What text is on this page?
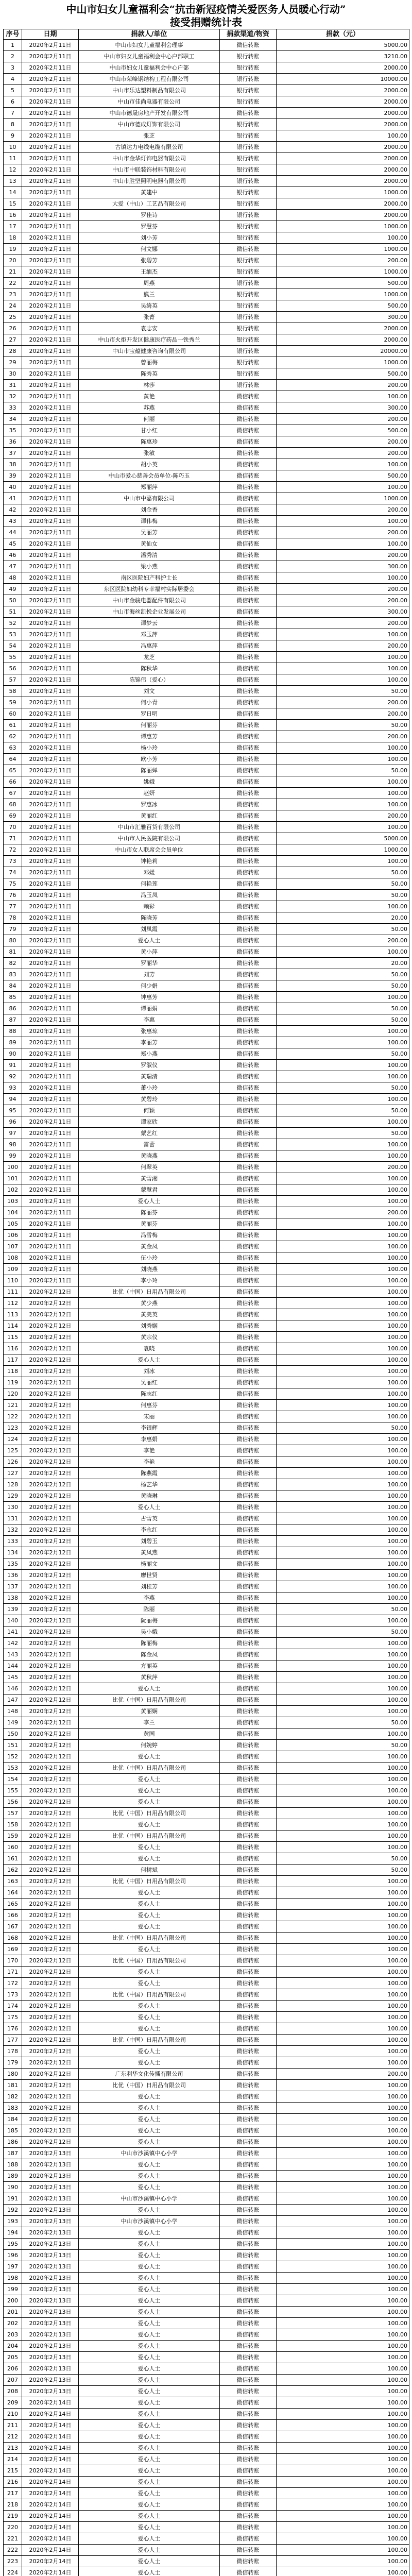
中山市妇女儿童福利会“抗击新冠疫情关爱医务人员暖心行动”
接受捐赠统计表
序号	日期	捐款人/单位	捐款渠道/物资	捐款（元）
1	2020年2月11日	中山市妇女儿童福利会理事	微信转账	5000.00
2	2020年2月11日	中山市妇女儿童福利会中心户部职工	银行转账	3210.00
3	2020年2月11日	中山市妇女儿童福利会中心户部	银行转账	2000.00
4	2020年2月11日	中山市荣峰钢结构工程有限公司	银行转账	10000.00
5	2020年2月11日	中山市乐达塑料制品有限公司	银行转账	2000.00
6	2020年2月11日	中山市佳尚电器有限公司	银行转账	2000.00
7	2020年2月11日	中山市德晟房地产开发有限公司	微信转账	2000.00
8	2020年2月11日	中山市德成灯饰有限公司	银行转账	2000.00
9	2020年2月11日	张芝	银行转账	100.00
10	2020年2月11日	古镇达力电线电缆有限公司	银行转账	2000.00
11	2020年2月11日	中山市金华灯饰电器有限公司	银行转账	2000.00
12	2020年2月11日	中山市中联装饰材料有限公司	银行转账	2000.00
13	2020年2月11日	中山市胜坚照明电器有限公司	银行转账	2000.00
14	2020年2月11日	黄建中	银行转账	1000.00
15	2020年2月11日	大爱（中山）工艺品有限公司	银行转账	2000.00
16	2020年2月11日	罗佳诗	银行转账	2000.00
17	2020年2月11日	罗慧芬	银行转账	1000.00
18	2020年2月11日	刘小芳	银行转账	100.00
19	2020年2月11日	何文娜	微信转账	1000.00
20	2020年2月11日	张碧芳	银行转账	200.00
21	2020年2月11日	王缅杰	银行转账	1000.00
22	2020年2月11日	周燕	银行转账	500.00
23	2020年2月11日	熊兰	银行转账	1000.00
24	2020年2月11日	吴绮英	银行转账	500.00
25	2020年2月11日	张菁	银行转账	300.00
26	2020年2月11日	袁志安	银行转账	2000.00
27	2020年2月11日	中山市火炬开发区健康医疗药品一铁秀兰	银行转账	2000.00
28	2020年2月11日	中山市宝蕴健康咨询有限公司	银行转账	20000.00
29	2020年2月11日	曾丽梅	银行转账	1000.00
30	2020年2月11日	陈秀英	银行转账	500.00
31	2020年2月11日	林莎	银行转账	200.00
32	2020年2月11日	黄艳	微信转账	100.00
33	2020年2月11日	苏燕	微信转账	300.00
34	2020年2月11日	何丽	微信转账	200.00
35	2020年2月11日	甘小红	微信转账	500.00
36	2020年2月11日	陈惠珍	微信转账	200.00
37	2020年2月11日	张敏	微信转账	200.00
38	2020年2月11日	胡小英	微信转账	100.00
39	2020年2月11日	中山市爱心慈善会员单位-陈巧玉	微信转账	500.00
40	2020年2月11日	郑丽萍	微信转账	100.00
41	2020年2月11日	中山市中嘉有限公司	微信转账	1000.00
42	2020年2月11日	刘金香	微信转账	200.00
43	2020年2月11日	谭伟梅	微信转账	100.00
44	2020年2月11日	吴丽芳	微信转账	200.00
45	2020年2月11日	黄仙女	微信转账	100.00
46	2020年2月11日	潘秀清	微信转账	200.00
47	2020年2月11日	梁小燕	微信转账	300.00
48	2020年2月11日	南区医院妇产科护士长	微信转账	100.00
49	2020年2月11日	东区医院妇幼科专幸福村实际居委会	微信转账	200.00
50	2020年2月11日	中山市金骏电器配件有限公司	微信转账	200.00
51	2020年2月11日	中山市海丝凯悦企业发展公司	微信转账	300.00
52	2020年2月11日	谭梦云	微信转账	200.00
53	2020年2月11日	邓玉萍	微信转账	100.00
54	2020年2月11日	冯惠萍	微信转账	200.00
55	2020年2月11日	龙芝	微信转账	100.00
56	2020年2月11日	陈秋华	微信转账	100.00
57	2020年2月11日	陈锦伟（爱心）	微信转账	100.00
58	2020年2月11日	刘文	微信转账	50.00
59	2020年2月11日	何小青	微信转账	200.00
60	2020年2月11日	罗日明	微信转账	200.00
61	2020年2月11日	何丽芬	微信转账	50.00
62	2020年2月11日	谭惠芳	微信转账	200.00
63	2020年2月11日	杨小玲	微信转账	100.00
64	2020年2月11日	欧小芳	微信转账	100.00
65	2020年2月11日	陈丽婵	微信转账	50.00
66	2020年2月11日	姚娥	微信转账	100.00
67	2020年2月11日	赵妍	微信转账	100.00
68	2020年2月11日	罗惠冰	微信转账	100.00
69	2020年2月11日	黄丽红	微信转账	200.00
70	2020年2月11日	中山市汇雅百货有限公司	微信转账	100.00
71	2020年2月11日	中山市人民医院有限公司	微信转账	5000.00
72	2020年2月11日	中山市女人联席会会员单位	微信转账	1000.00
73	2020年2月11日	钟艳莉	微信转账	100.00
74	2020年2月11日	邓媛	微信转账	50.00
75	2020年2月11日	何艳莲	微信转账	50.00
76	2020年2月11日	冯玉凤	微信转账	50.00
77	2020年2月11日	赖彩	微信转账	100.00
78	2020年2月11日	陈晓芳	微信转账	20.00
79	2020年2月11日	刘凤霞	微信转账	50.00
80	2020年2月11日	爱心人士	微信转账	200.00
81	2020年2月11日	黄小萍	微信转账	100.00
82	2020年2月11日	罗丽华	微信转账	20.00
83	2020年2月11日	刘芳	微信转账	50.00
84	2020年2月11日	何少娟	微信转账	50.00
85	2020年2月11日	钟惠芳	微信转账	100.00
86	2020年2月11日	谭丽娟	微信转账	50.00
87	2020年2月11日	李惠	微信转账	50.00
88	2020年2月11日	张惠琼	微信转账	100.00
89	2020年2月11日	李丽芳	微信转账	100.00
90	2020年2月11日	郑小燕	微信转账	50.00
91	2020年2月11日	罗淑仪	微信转账	100.00
92	2020年2月11日	黄瑞清	微信转账	100.00
93	2020年2月11日	萧小玲	微信转账	50.00
94	2020年2月11日	黄碧玲	微信转账	100.00
95	2020年2月11日	何颖	微信转账	50.00
96	2020年2月11日	谭家欣	微信转账	100.00
97	2020年2月11日	蒙艺红	微信转账	50.00
98	2020年2月11日	雷蕾	微信转账	100.00
99	2020年2月11日	黄晓燕	微信转账	100.00
100	2020年2月11日	何翠英	微信转账	200.00
101	2020年2月11日	黄雪湘	微信转账	100.00
102	2020年2月11日	蒙慧君	微信转账	100.00
103	2020年2月11日	爱心人士	微信转账	100.00
104	2020年2月11日	陈丽芬	微信转账	200.00
105	2020年2月11日	黄丽芬	微信转账	100.00
106	2020年2月11日	冯雪梅	微信转账	100.00
107	2020年2月11日	黄金凤	微信转账	100.00
108	2020年2月11日	伍小玲	微信转账	100.00
109	2020年2月11日	刘晓燕	微信转账	100.00
110	2020年2月11日	李小玲	微信转账	100.00
111	2020年2月12日	比优（中国）日用品有限公司	微信转账	100.00
112	2020年2月12日	黄少燕	微信转账	100.00
113	2020年2月12日	黄美英	微信转账	100.00
114	2020年2月12日	刘秀娴	微信转账	100.00
115	2020年2月12日	黄宗仪	微信转账	100.00
116	2020年2月12日	袁晓	微信转账	100.00
117	2020年2月12日	爱心人士	微信转账	100.00
118	2020年2月12日	刘冰	微信转账	100.00
119	2020年2月12日	吴丽红	微信转账	100.00
120	2020年2月12日	陈志红	微信转账	100.00
121	2020年2月12日	何惠芬	微信转账	100.00
122	2020年2月12日	宋丽	微信转账	100.00
123	2020年2月12日	李银辉	微信转账	50.00
124	2020年2月12日	李惠娟	微信转账	100.00
125	2020年2月12日	李艳	微信转账	100.00
126	2020年2月12日	李艳	微信转账	100.00
127	2020年2月12日	陈燕霞	微信转账	100.00
128	2020年2月12日	杨艺华	微信转账	100.00
129	2020年2月12日	黄晓琳	微信转账	100.00
130	2020年2月12日	爱心人士	微信转账	100.00
131	2020年2月12日	古雪英	微信转账	100.00
132	2020年2月12日	李永红	微信转账	100.00
133	2020年2月12日	刘碧玉	微信转账	100.00
134	2020年2月12日	黄凤燕	微信转账	100.00
135	2020年2月12日	杨丽文	微信转账	100.00
136	2020年2月12日	廖世贤	微信转账	100.00
137	2020年2月12日	刘桂芳	微信转账	100.00
138	2020年2月12日	李燕	微信转账	100.00
139	2020年2月12日	陈丽	微信转账	50.00
140	2020年2月12日	阮丽梅	微信转账	100.00
141	2020年2月12日	吴小娥	微信转账	50.00
142	2020年2月12日	陈丽梅	微信转账	100.00
143	2020年2月12日	陈金凤	微信转账	100.00
144	2020年2月12日	方丽英	微信转账	100.00
145	2020年2月12日	黄秋萍	微信转账	100.00
146	2020年2月12日	爱心人士	微信转账	100.00
147	2020年2月12日	比优（中国）日用品有限公司	微信转账	100.00
148	2020年2月12日	黄丽娴	微信转账	100.00
149	2020年2月12日	李兰	微信转账	50.00
150	2020年2月12日	黄国	微信转账	100.00
151	2020年2月12日	何婉婷	微信转账	50.00
152	2020年2月12日	爱心人士	微信转账	100.00
153	2020年2月12日	比优（中国）日用品有限公司	微信转账	100.00
154	2020年2月12日	爱心人士	微信转账	100.00
155	2020年2月12日	爱心人士	微信转账	100.00
156	2020年2月12日	爱心人士	微信转账	100.00
157	2020年2月12日	比优（中国）日用品有限公司	微信转账	100.00
158	2020年2月12日	爱心人士	微信转账	100.00
159	2020年2月12日	比优（中国）日用品有限公司	微信转账	100.00
160	2020年2月12日	爱心人士	微信转账	100.00
161	2020年2月12日	爱心人士	微信转账	50.00
162	2020年2月12日	何树斌	微信转账	50.00
163	2020年2月12日	比优（中国）日用品有限公司	微信转账	100.00
164	2020年2月12日	爱心人士	微信转账	100.00
165	2020年2月12日	爱心人士	微信转账	100.00
166	2020年2月12日	爱心人士	微信转账	100.00
167	2020年2月12日	爱心人士	微信转账	100.00
168	2020年2月12日	比优（中国）日用品有限公司	微信转账	100.00
169	2020年2月12日	爱心人士	微信转账	100.00
170	2020年2月12日	比优（中国）日用品有限公司	微信转账	100.00
171	2020年2月12日	爱心人士	微信转账	100.00
172	2020年2月12日	爱心人士	微信转账	100.00
173	2020年2月12日	比优（中国）日用品有限公司	微信转账	100.00
174	2020年2月12日	爱心人士	微信转账	100.00
175	2020年2月12日	爱心人士	微信转账	100.00
176	2020年2月12日	爱心人士	微信转账	100.00
177	2020年2月12日	比优（中国）日用品有限公司	微信转账	100.00
178	2020年2月12日	爱心人士	微信转账	100.00
179	2020年2月12日	爱心人士	微信转账	100.00
180	2020年2月12日	广东利华文化传播有限公司	微信转账	200.00
181	2020年2月12日	比优（中国）日用品有限公司	微信转账	100.00
182	2020年2月12日	爱心人士	微信转账	100.00
183	2020年2月12日	爱心人士	微信转账	100.00
184	2020年2月12日	爱心人士	微信转账	100.00
185	2020年2月12日	爱心人士	微信转账	100.00
186	2020年2月12日	爱心人士	微信转账	100.00
187	2020年2月13日	中山市沙溪镇中心小学	微信转账	100.00
188	2020年2月13日	爱心人士	微信转账	100.00
189	2020年2月13日	爱心人士	微信转账	100.00
190	2020年2月13日	爱心人士	微信转账	100.00
191	2020年2月13日	中山市沙溪镇中心小学	微信转账	100.00
192	2020年2月13日	爱心人士	微信转账	100.00
193	2020年2月13日	中山市沙溪镇中心小学	微信转账	100.00
194	2020年2月13日	爱心人士	微信转账	100.00
195	2020年2月13日	爱心人士	微信转账	100.00
196	2020年2月13日	爱心人士	微信转账	100.00
197	2020年2月13日	爱心人士	微信转账	100.00
198	2020年2月13日	爱心人士	微信转账	100.00
199	2020年2月13日	爱心人士	微信转账	100.00
200	2020年2月13日	爱心人士	微信转账	100.00
201	2020年2月13日	爱心人士	微信转账	100.00
202	2020年2月13日	爱心人士	微信转账	100.00
203	2020年2月13日	爱心人士	微信转账	100.00
204	2020年2月13日	爱心人士	微信转账	100.00
205	2020年2月13日	爱心人士	微信转账	100.00
206	2020年2月13日	爱心人士	微信转账	100.00
207	2020年2月13日	爱心人士	微信转账	100.00
208	2020年2月13日	爱心人士	微信转账	100.00
209	2020年2月14日	爱心人士	微信转账	100.00
210	2020年2月14日	爱心人士	微信转账	100.00
211	2020年2月14日	爱心人士	微信转账	100.00
212	2020年2月14日	爱心人士	微信转账	100.00
213	2020年2月14日	爱心人士	微信转账	100.00
214	2020年2月14日	爱心人士	微信转账	100.00
215	2020年2月14日	爱心人士	微信转账	100.00
216	2020年2月14日	爱心人士	微信转账	100.00
217	2020年2月14日	爱心人士	微信转账	100.00
218	2020年2月14日	爱心人士	微信转账	100.00
219	2020年2月14日	爱心人士	微信转账	100.00
220	2020年2月14日	爱心人士	微信转账	100.00
221	2020年2月14日	爱心人士	微信转账	100.00
222	2020年2月14日	爱心人士	微信转账	100.00
223	2020年2月14日	爱心人士	微信转账	100.00
224	2020年2月14日	爱心人士	微信转账	100.00
